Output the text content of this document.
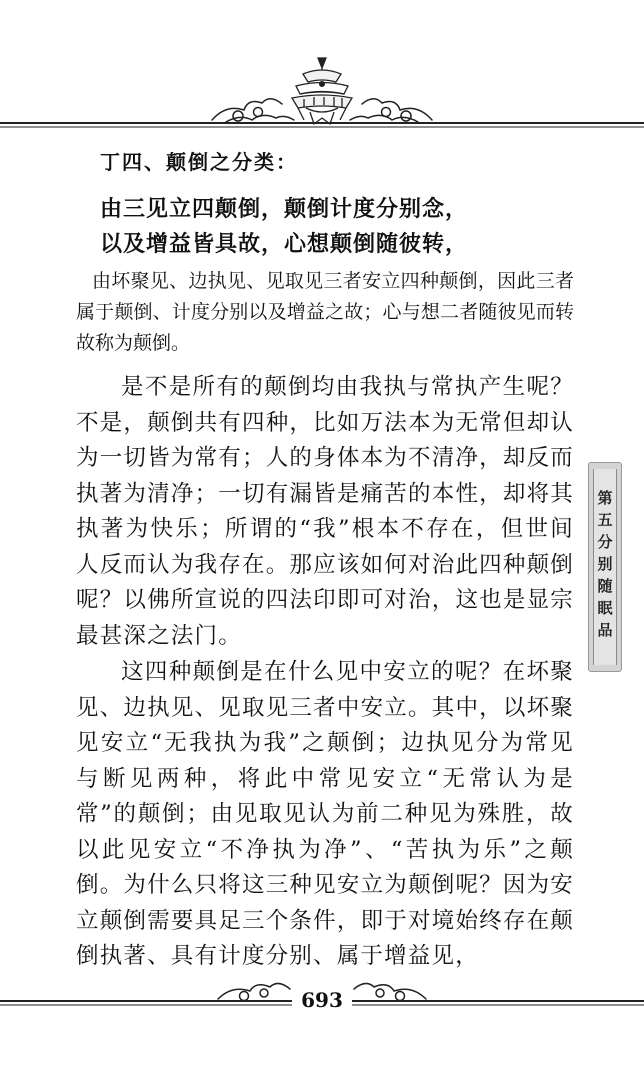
丁四、颠倒之分类：
由三见立四颠倒，颠倒计度分别念，
以及增益皆具故，心想颠倒随彼转，

由坏聚见、边执见、见取见三者安立四种颠倒，因此三者属于颠倒、计度分别以及增益之故；心与想二者随彼见而转故称为颠倒。

是不是所有的颠倒均由我执与常执产生呢？不是，颠倒共有四种，比如万法本为无常但却认为一切皆为常有；人的身体本为不清净，却反而执著为清净；一切有漏皆是痛苦的本性，却将其执著为快乐；所谓的“我”根本不存在，但世间人反而认为我存在。那应该如何对治此四种颠倒呢？以佛所宣说的四法印即可对治，这也是显宗最甚深之法门。

这四种颠倒是在什么见中安立的呢？在坏聚见、边执见、见取见三者中安立。其中，以坏聚见安立“无我执为我”之颠倒；边执见分为常见与断见两种，将此中常见安立“无常认为是常”的颠倒；由见取见认为前二种见为殊胜，故以此见安立“不净执为净”、“苦执为乐”之颠倒。为什么只将这三种见安立为颠倒呢？因为安立颠倒需要具足三个条件，即于对境始终存在颠倒执著、具有计度分别、属于增益见，

第五分别随眠品
693
